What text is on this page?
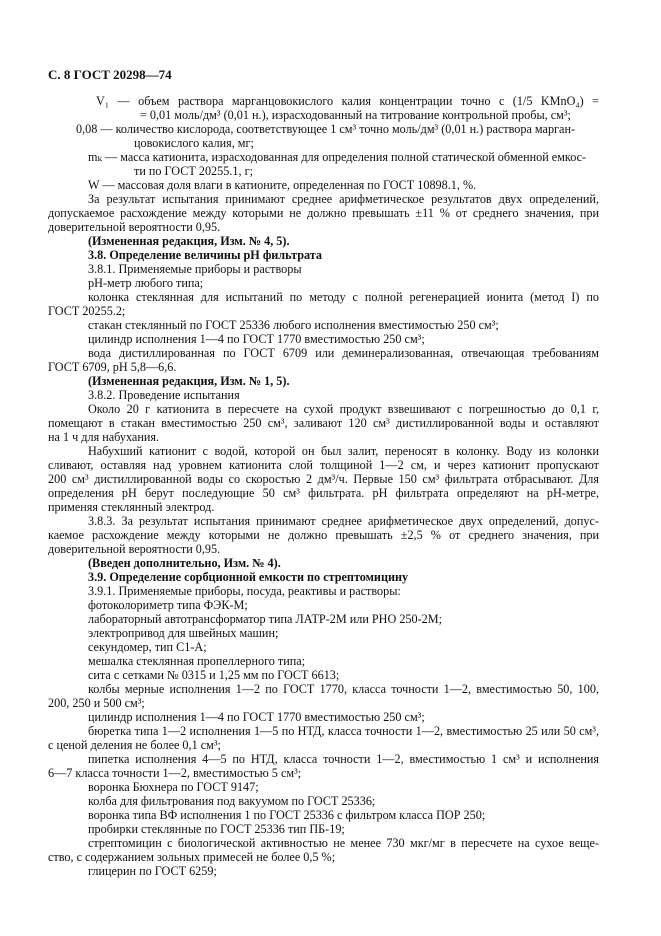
С. 8 ГОСТ 20298—74
V₁ — объем раствора марганцовокислого калия концентрации точно c (1/5 KMnO₄) =
= 0,01 моль/дм³ (0,01 н.), израсходованный на титрование контрольной пробы, см³;
0,08 — количество кислорода, соответствующее 1 см³ точно моль/дм³ (0,01 н.) раствора марган-
цовокислого калия, мг;
mₖ — масса катионита, израсходованная для определения полной статической обменной емкос-
ти по ГОСТ 20255.1, г;
W — массовая доля влаги в катионите, определенная по ГОСТ 10898.1, %.
За результат испытания принимают среднее арифметическое результатов двух определений,
допускаемое расхождение между которыми не должно превышать ±11 % от среднего значения, при
доверительной вероятности 0,95.
(Измененная редакция, Изм. № 4, 5).
3.8. Определение величины pH фильтрата
3.8.1. Применяемые приборы и растворы
pH-метр любого типа;
колонка стеклянная для испытаний по методу с полной регенерацией ионита (метод I) по
ГОСТ 20255.2;
стакан стеклянный по ГОСТ 25336 любого исполнения вместимостью 250 см³;
цилиндр исполнения 1—4 по ГОСТ 1770 вместимостью 250 см³;
вода дистиллированная по ГОСТ 6709 или деминерализованная, отвечающая требованиям
ГОСТ 6709, pH 5,8—6,6.
(Измененная редакция, Изм. № 1, 5).
3.8.2. Проведение испытания
Около 20 г катионита в пересчете на сухой продукт взвешивают с погрешностью до 0,1 г,
помещают в стакан вместимостью 250 см³, заливают 120 см³ дистиллированной воды и оставляют
на 1 ч для набухания.
Набухший катионит с водой, которой он был залит, переносят в колонку. Воду из колонки
сливают, оставляя над уровнем катионита слой толщиной 1—2 см, и через катионит пропускают
200 см³ дистиллированной воды со скоростью 2 дм³/ч. Первые 150 см³ фильтрата отбрасывают. Для
определения pH берут последующие 50 см³ фильтрата. pH фильтрата определяют на pH-метре,
применяя стеклянный электрод.
3.8.3. За результат испытания принимают среднее арифметическое двух определений, допус-
каемое расхождение между которыми не должно превышать ±2,5 % от среднего значения, при
доверительной вероятности 0,95.
(Введен дополнительно, Изм. № 4).
3.9. Определение сорбционной емкости по стрептомицину
3.9.1. Применяемые приборы, посуда, реактивы и растворы:
фотоколориметр типа ФЭК-М;
лабораторный автотрансформатор типа ЛАТР-2М или РНО 250-2М;
электропривод для швейных машин;
секундомер, тип С1-А;
мешалка стеклянная пропеллерного типа;
сита с сетками № 0315 и 1,25 мм по ГОСТ 6613;
колбы мерные исполнения 1—2 по ГОСТ 1770, класса точности 1—2, вместимостью 50, 100,
200, 250 и 500 см³;
цилиндр исполнения 1—4 по ГОСТ 1770 вместимостью 250 см³;
бюретка типа 1—2 исполнения 1—5 по НТД, класса точности 1—2, вместимостью 25 или 50 см³,
с ценой деления не более 0,1 см³;
пипетка исполнения 4—5 по НТД, класса точности 1—2, вместимостью 1 см³ и исполнения
6—7 класса точности 1—2, вместимостью 5 см³;
воронка Бюхнера по ГОСТ 9147;
колба для фильтрования под вакуумом по ГОСТ 25336;
воронка типа ВФ исполнения 1 по ГОСТ 25336 с фильтром класса ПОР 250;
пробирки стеклянные по ГОСТ 25336 тип ПБ-19;
стрептомицин с биологической активностью не менее 730 мкг/мг в пересчете на сухое веще-
ство, с содержанием зольных примесей не более 0,5 %;
глицерин по ГОСТ 6259;
